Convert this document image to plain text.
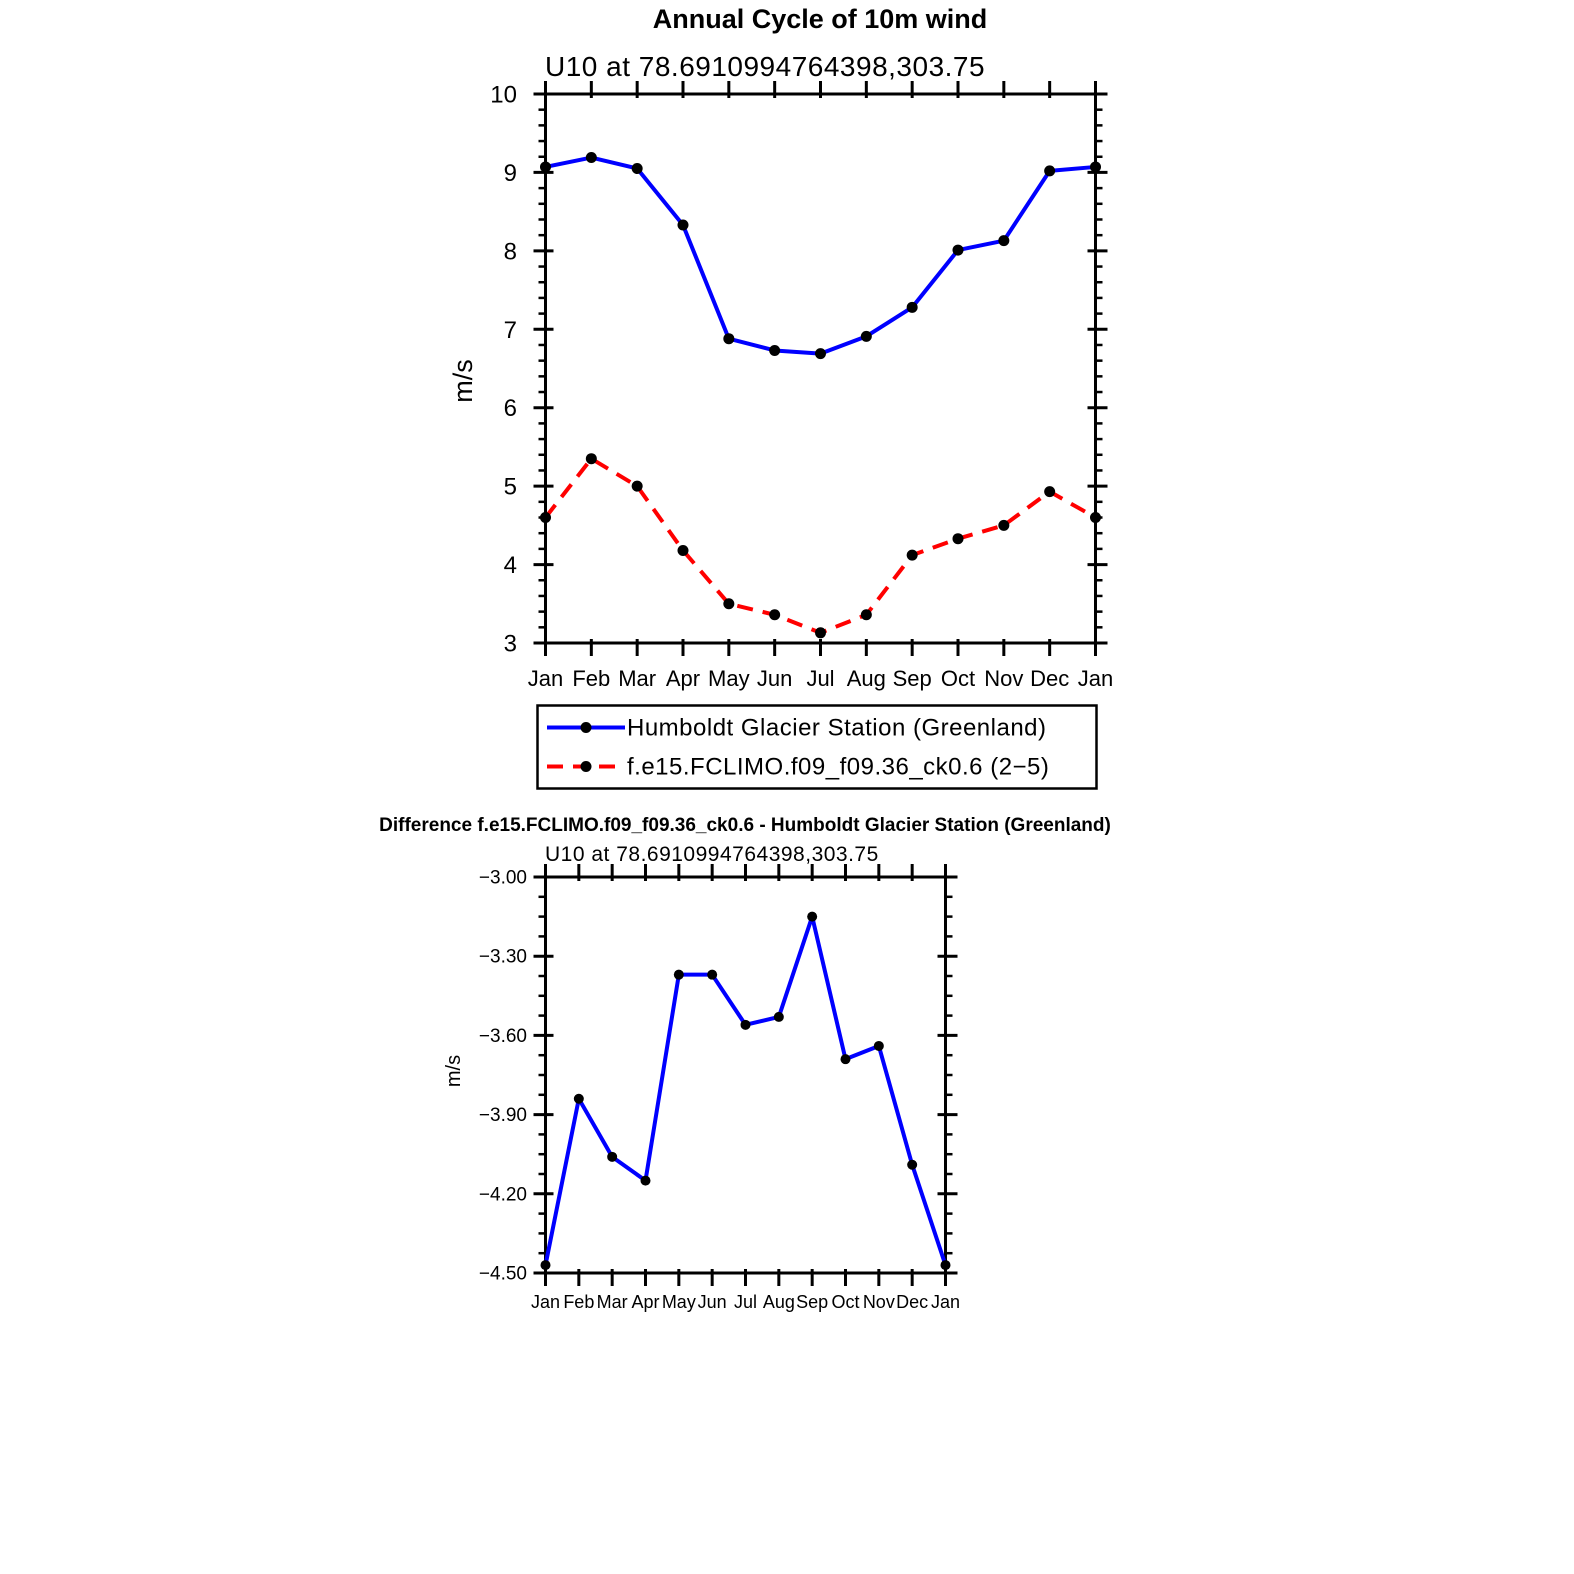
Jan Feb Mar Apr May Jun Jul Aug Sep Oct Nov Dec Jan
10
9
8
7
6
5
4
3
Jan Feb Mar Apr May Jun Jul Aug Sep Oct Nov Dec Jan
−3.00
−3.30
−3.60
−3.90
−4.20
−4.50
Annual Cycle of 10m wind
U10 at 78.6910994764398,303.75
m/s
Humboldt Glacier Station (Greenland)
f.e15.FCLIMO.f09_f09.36_ck0.6 (2−5)
Difference f.e15.FCLIMO.f09_f09.36_ck0.6 - Humboldt Glacier Station (Greenland)
U10 at 78.6910994764398,303.75
m/s
